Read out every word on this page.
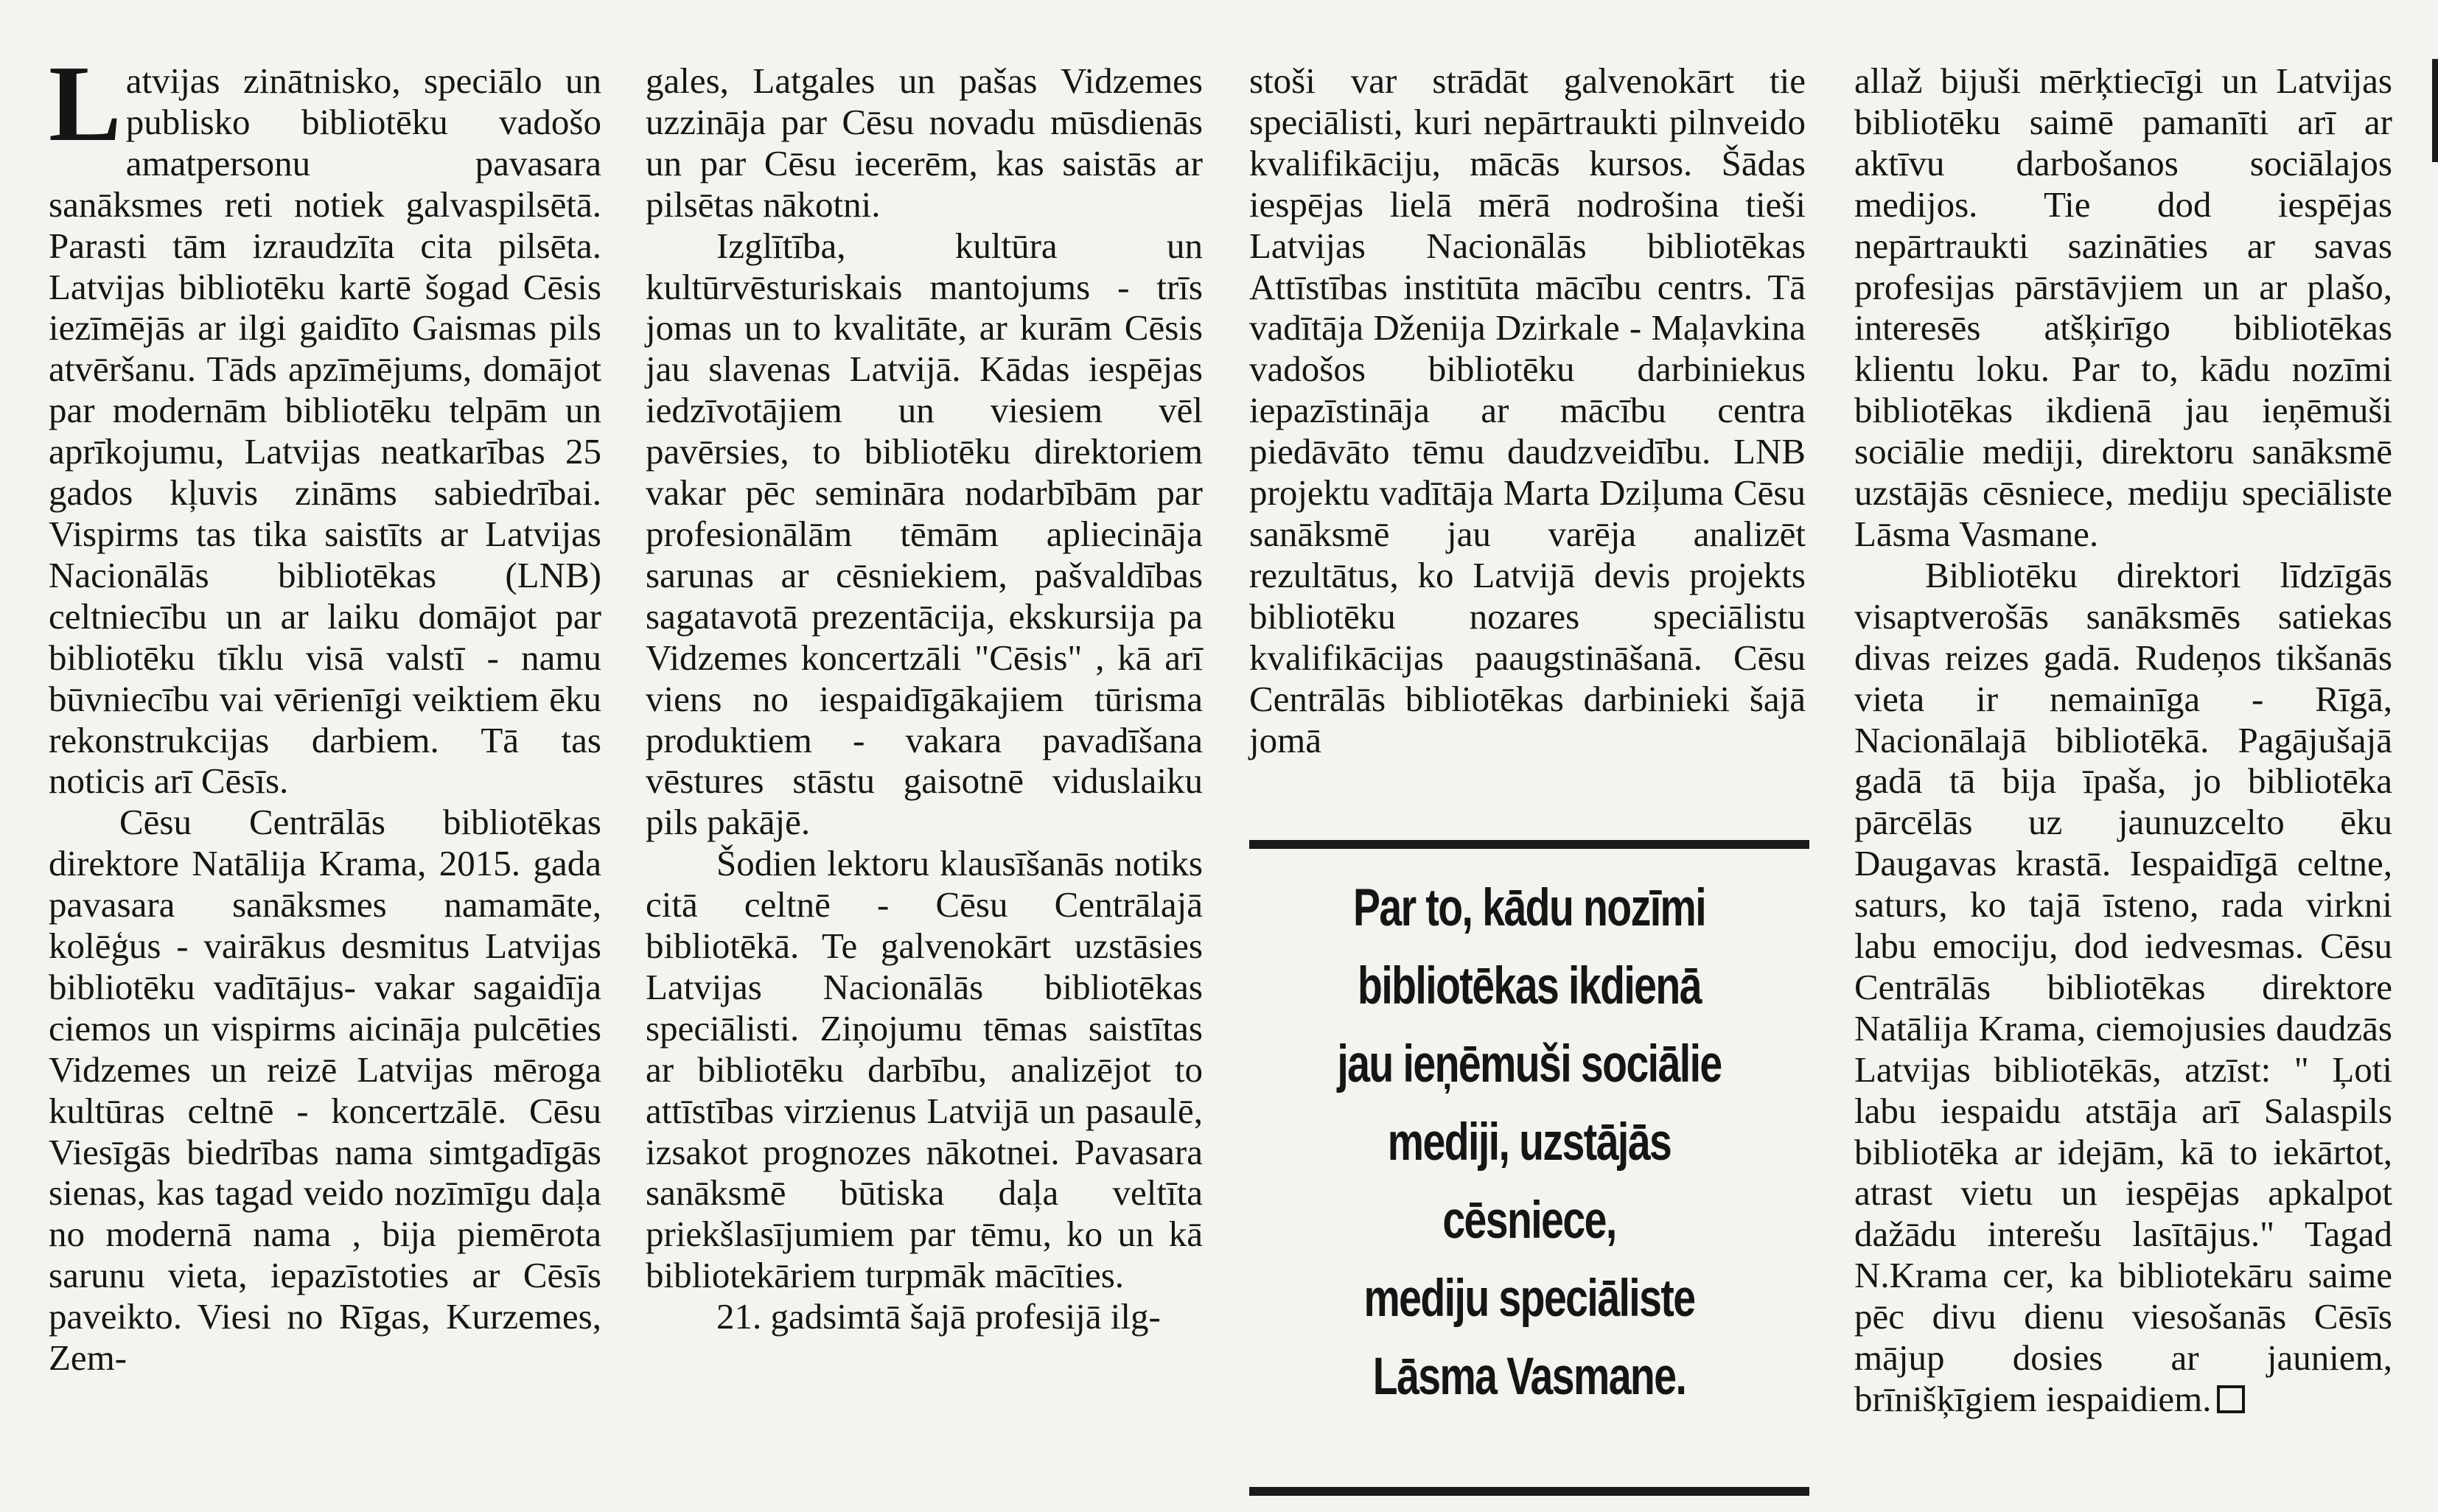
Latvijas zinātnisko, speciālo un publisko bibliotēku vadošo amatpersonu pavasara sanāksmes reti notiek galvaspilsētā. Parasti tām izraudzīta cita pilsēta. Latvijas bibliotēku kartē šogad Cēsis iezīmējās ar ilgi gaidīto Gaismas pils atvēršanu. Tāds apzīmējums, domājot par modernām bibliotēku telpām un aprīkojumu, Latvijas neatkarības 25 gados kļuvis zināms sabiedrībai. Vispirms tas tika saistīts ar Latvijas Nacionālās bibliotēkas (LNB) celtniecību un ar laiku domājot par bibliotēku tīklu visā valstī - namu būvniecību vai vērienīgi veiktiem ēku rekonstrukcijas darbiem. Tā tas noticis arī Cēsīs.

Cēsu Centrālās bibliotēkas direktore Natālija Krama, 2015. gada pavasara sanāksmes namamāte, kolēģus - vairākus desmitus Latvijas bibliotēku vadītājus- vakar sagaidīja ciemos un vispirms aicināja pulcēties Vidzemes un reizē Latvijas mēroga kultūras celtnē - koncertzālē. Cēsu Viesīgās biedrības nama simtgadīgās sienas, kas tagad veido nozīmīgu daļa no modernā nama , bija piemērota sarunu vieta, iepazīstoties ar Cēsīs paveikto. Viesi no Rīgas, Kurzemes, Zem-

gales, Latgales un pašas Vidzemes uzzināja par Cēsu novadu mūsdienās un par Cēsu iecerēm, kas saistās ar pilsētas nākotni.

Izglītība, kultūra un kultūrvēsturiskais mantojums - trīs jomas un to kvalitāte, ar kurām Cēsis jau slavenas Latvijā. Kādas iespējas iedzīvotājiem un viesiem vēl pavērsies, to bibliotēku direktoriem vakar pēc semināra nodarbībām par profesionālām tēmām apliecināja sarunas ar cēsniekiem, pašvaldības sagatavotā prezentācija, ekskursija pa Vidzemes koncertzāli "Cēsis" , kā arī viens no iespaidīgākajiem tūrisma produktiem - vakara pavadīšana vēstures stāstu gaisotnē viduslaiku pils pakājē.

Šodien lektoru klausīšanās notiks citā celtnē - Cēsu Centrālajā bibliotēkā. Te galvenokārt uzstāsies Latvijas Nacionālās bibliotēkas speciālisti. Ziņojumu tēmas saistītas ar bibliotēku darbību, analizējot to attīstības virzienus Latvijā un pasaulē, izsakot prognozes nākotnei. Pavasara sanāksmē būtiska daļa veltīta priekšlasījumiem par tēmu, ko un kā bibliotekāriem turpmāk mācīties.

21. gadsimtā šajā profesijā ilg-

stoši var strādāt galvenokārt tie speciālisti, kuri nepārtraukti pilnveido kvalifikāciju, mācās kursos. Šādas iespējas lielā mērā nodrošina tieši Latvijas Nacionālās bibliotēkas Attīstības institūta mācību centrs. Tā vadītāja Dženija Dzirkale - Maļavkina vadošos bibliotēku darbiniekus iepazīstināja ar mācību centra piedāvāto tēmu daudzveidību. LNB projektu vadītāja Marta Dziļuma Cēsu sanāksmē jau varēja analizēt rezultātus, ko Latvijā devis projekts bibliotēku nozares speciālistu kvalifikācijas paaugstināšanā. Cēsu Centrālās bibliotēkas darbinieki šajā jomā

Par to, kādu nozīmi
bibliotēkas ikdienā
jau ieņēmuši sociālie
mediji, uzstājās
cēsniece,
mediju speciāliste
Lāsma Vasmane.

allaž bijuši mērķtiecīgi un Latvijas bibliotēku saimē pamanīti arī ar aktīvu darbošanos sociālajos medijos. Tie dod iespējas nepārtraukti sazināties ar savas profesijas pārstāvjiem un ar plašo, interesēs atšķirīgo bibliotēkas klientu loku. Par to, kādu nozīmi bibliotēkas ikdienā jau ieņēmuši sociālie mediji, direktoru sanāksmē uzstājās cēsniece, mediju speciāliste Lāsma Vasmane.

Bibliotēku direktori līdzīgās visaptverošās sanāksmēs satiekas divas reizes gadā. Rudeņos tikšanās vieta ir nemainīga - Rīgā, Nacionālajā bibliotēkā. Pagājušajā gadā tā bija īpaša, jo bibliotēka pārcēlās uz jaunuzcelto ēku Daugavas krastā. Iespaidīgā celtne, saturs, ko tajā īsteno, rada virkni labu emociju, dod iedvesmas. Cēsu Centrālās bibliotēkas direktore Natālija Krama, ciemojusies daudzās Latvijas bibliotēkās, atzīst: " Ļoti labu iespaidu atstāja arī Salaspils bibliotēka ar idejām, kā to iekārtot, atrast vietu un iespējas apkalpot dažādu interešu lasītājus." Tagad N.Krama cer, ka bibliotekāru saime pēc divu dienu viesošanās Cēsīs mājup dosies ar jauniem, brīnišķīgiem iespaidiem.
